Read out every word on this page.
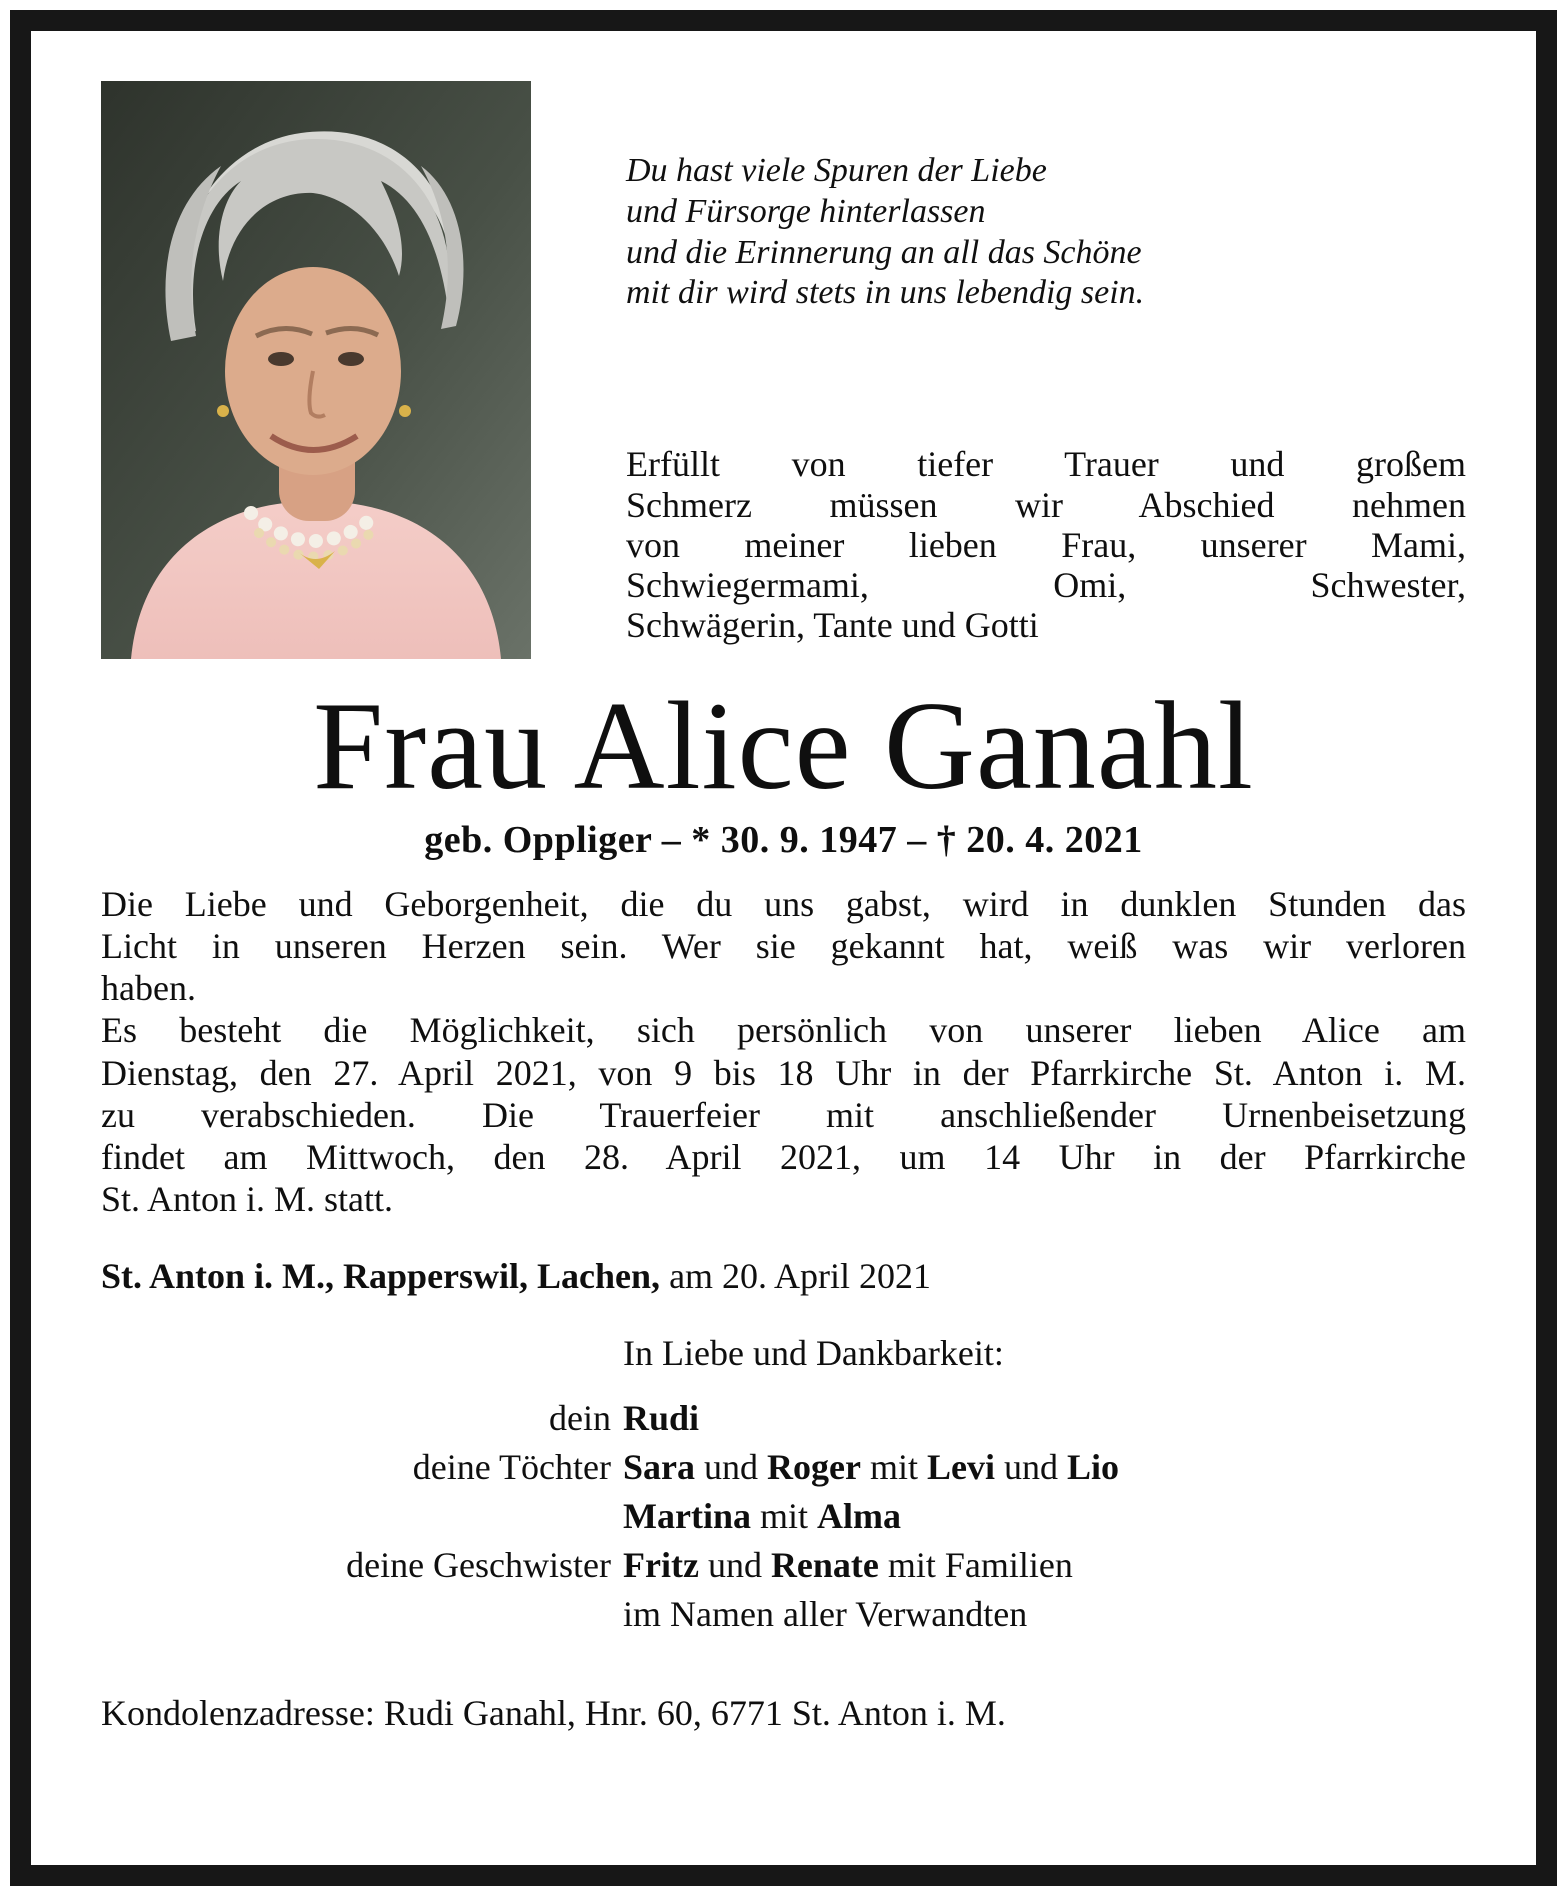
Du hast viele Spuren der Liebe
und Fürsorge hinterlassen
und die Erinnerung an all das Schöne
mit dir wird stets in uns lebendig sein.
Erfüllt von tiefer Trauer und großem
Schmerz müssen wir Abschied nehmen
von meiner lieben Frau, unserer Mami,
Schwiegermami, Omi, Schwester,
Schwägerin, Tante und Gotti
Frau Alice Ganahl
geb. Oppliger – * 30. 9. 1947 – † 20. 4. 2021
Die Liebe und Geborgenheit, die du uns gabst, wird in dunklen Stunden das
Licht in unseren Herzen sein. Wer sie gekannt hat, weiß was wir verloren
haben.
Es besteht die Möglichkeit, sich persönlich von unserer lieben Alice am
Dienstag, den 27. April 2021, von 9 bis 18 Uhr in der Pfarrkirche St. Anton i. M.
zu verabschieden. Die Trauerfeier mit anschließender Urnenbeisetzung
findet am Mittwoch, den 28. April 2021, um 14 Uhr in der Pfarrkirche
St. Anton i. M. statt.
St. Anton i. M., Rapperswil, Lachen, am 20. April 2021
In Liebe und Dankbarkeit:
dein Rudi
deine Töchter Sara und Roger mit Levi und Lio
Martina mit Alma
deine Geschwister Fritz und Renate mit Familien
im Namen aller Verwandten
Kondolenzadresse: Rudi Ganahl, Hnr. 60, 6771 St. Anton i. M.
